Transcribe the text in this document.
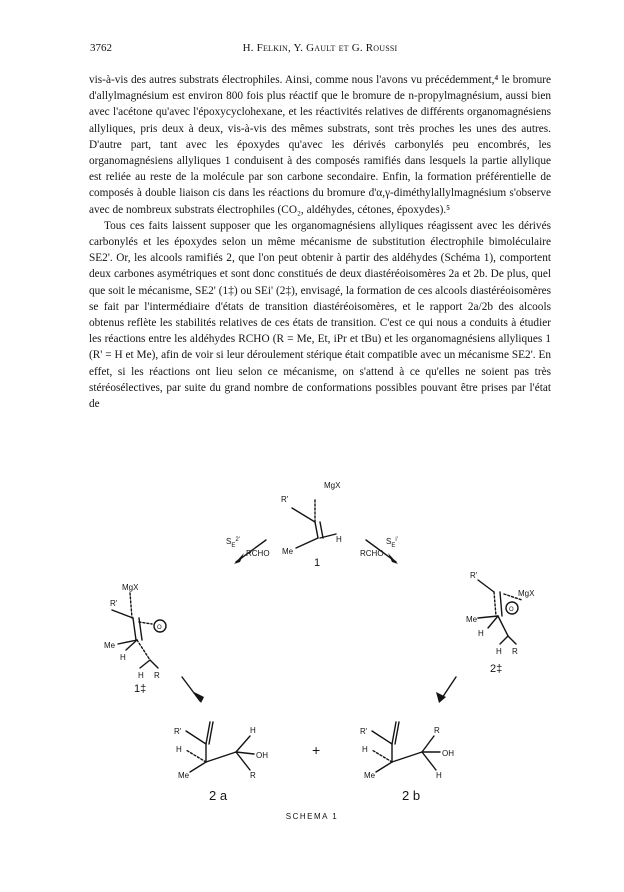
3762	H. Felkin, Y. Gault et G. Roussi

vis-à-vis des autres substrats électrophiles. Ainsi, comme nous l'avons vu précédemment,⁴ le bromure d'allylmagnésium est environ 800 fois plus réactif que le bromure de n-propylmagnésium, aussi bien avec l'acétone qu'avec l'époxycyclohexane, et les réactivités relatives de différents organomagnésiens allyliques, pris deux à deux, vis-à-vis des mêmes substrats, sont très proches les unes des autres. D'autre part, tant avec les époxydes qu'avec les dérivés carbonylés peu encombrés, les organomagnésiens allyliques 1 conduisent à des composés ramifiés dans lesquels la partie allylique est reliée au reste de la molécule par son carbone secondaire. Enfin, la formation préférentielle de composés à double liaison cis dans les réactions du bromure d'α,γ-diméthylallylmagnésium s'observe avec de nombreux substrats électrophiles (CO₂, aldéhydes, cétones, époxydes).⁵

Tous ces faits laissent supposer que les organomagnésiens allyliques réagissent avec les dérivés carbonylés et les époxydes selon un même mécanisme de substitution électrophile bimoléculaire SE2'. Or, les alcools ramifiés 2, que l'on peut obtenir à partir des aldéhydes (Schéma 1), comportent deux carbones asymétriques et sont donc constitués de deux diastéréoisomères 2a et 2b. De plus, quel que soit le mécanisme, SE2' (1‡) ou SEi' (2‡), envisagé, la formation de ces alcools diastéréoisomères se fait par l'intermédiaire d'états de transition diastéréoisomères, et le rapport 2a/2b des alcools obtenus reflète les stabilités relatives de ces états de transition. C'est ce qui nous a conduits à étudier les réactions entre les aldéhydes RCHO (R = Me, Et, iPr et tBu) et les organomagnésiens allyliques 1 (R' = H et Me), afin de voir si leur déroulement stérique était compatible avec un mécanisme SE2'. En effet, si les réactions ont lieu selon ce mécanisme, on s'attend à ce qu'elles ne soient pas très stéréosélectives, par suite du grand nombre de conformations possibles pouvant être prises par l'état de

MgX
R'
Me
H
1
$S_E^{2'}$
RCHO
$S_E^{i'}$
RCHO
MgX
R'
Me
H
O
H R
1‡
R'
MgX
Me
H
O
H R
2‡
R'
H
Me
H
OH
R
2 a
+
R'
H
Me
R
OH
H
2 b
SCHEMA 1
